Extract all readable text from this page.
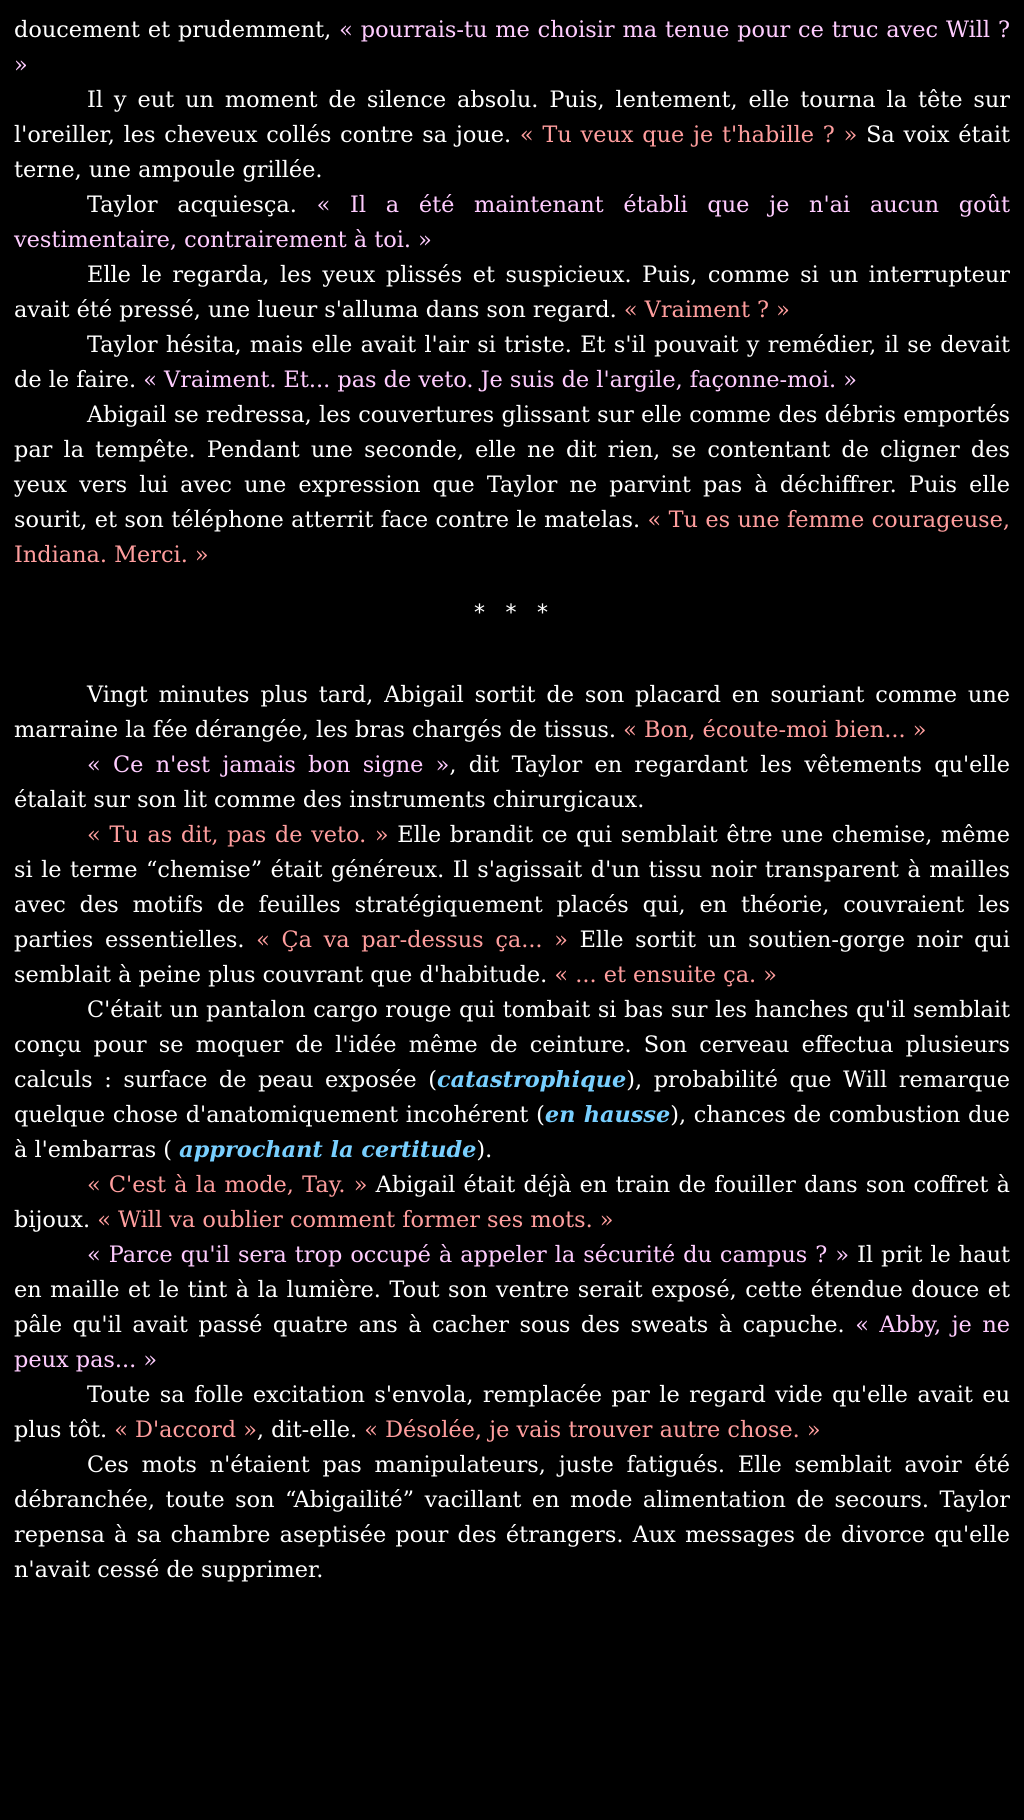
doucement et prudemment, « pourrais-tu me choisir ma tenue pour ce truc avec Will ? »

Il y eut un moment de silence absolu. Puis, lentement, elle tourna la tête sur l'oreiller, les cheveux collés contre sa joue. « Tu veux que je t'habille ? » Sa voix était terne, une ampoule grillée.

Taylor acquiesça. « Il a été maintenant établi que je n'ai aucun goût vestimentaire, contrairement à toi. »

Elle le regarda, les yeux plissés et suspicieux. Puis, comme si un interrupteur avait été pressé, une lueur s'alluma dans son regard. « Vraiment ? »

Taylor hésita, mais elle avait l'air si triste. Et s'il pouvait y remédier, il se devait de le faire. « Vraiment. Et... pas de veto. Je suis de l'argile, façonne-moi. »

Abigail se redressa, les couvertures glissant sur elle comme des débris emportés par la tempête. Pendant une seconde, elle ne dit rien, se contentant de cligner des yeux vers lui avec une expression que Taylor ne parvint pas à déchiffrer. Puis elle sourit, et son téléphone atterrit face contre le matelas. « Tu es une femme courageuse, Indiana. Merci. »

* * *

Vingt minutes plus tard, Abigail sortit de son placard en souriant comme une marraine la fée dérangée, les bras chargés de tissus. « Bon, écoute-moi bien... »

« Ce n'est jamais bon signe », dit Taylor en regardant les vêtements qu'elle étalait sur son lit comme des instruments chirurgicaux.

« Tu as dit, pas de veto. » Elle brandit ce qui semblait être une chemise, même si le terme “chemise” était généreux. Il s'agissait d'un tissu noir transparent à mailles avec des motifs de feuilles stratégiquement placés qui, en théorie, couvraient les parties essentielles. « Ça va par-dessus ça... » Elle sortit un soutien-gorge noir qui semblait à peine plus couvrant que d'habitude. « ... et ensuite ça. »

C'était un pantalon cargo rouge qui tombait si bas sur les hanches qu'il semblait conçu pour se moquer de l'idée même de ceinture. Son cerveau effectua plusieurs calculs : surface de peau exposée (catastrophique), probabilité que Will remarque quelque chose d'anatomiquement incohérent (en hausse), chances de combustion due à l'embarras ( approchant la certitude).

« C'est à la mode, Tay. » Abigail était déjà en train de fouiller dans son coffret à bijoux. « Will va oublier comment former ses mots. »

« Parce qu'il sera trop occupé à appeler la sécurité du campus ? » Il prit le haut en maille et le tint à la lumière. Tout son ventre serait exposé, cette étendue douce et pâle qu'il avait passé quatre ans à cacher sous des sweats à capuche. « Abby, je ne peux pas... »

Toute sa folle excitation s'envola, remplacée par le regard vide qu'elle avait eu plus tôt. « D'accord », dit-elle. « Désolée, je vais trouver autre chose. »

Ces mots n'étaient pas manipulateurs, juste fatigués. Elle semblait avoir été débranchée, toute son “Abigailité” vacillant en mode alimentation de secours. Taylor repensa à sa chambre aseptisée pour des étrangers. Aux messages de divorce qu'elle n'avait cessé de supprimer.
